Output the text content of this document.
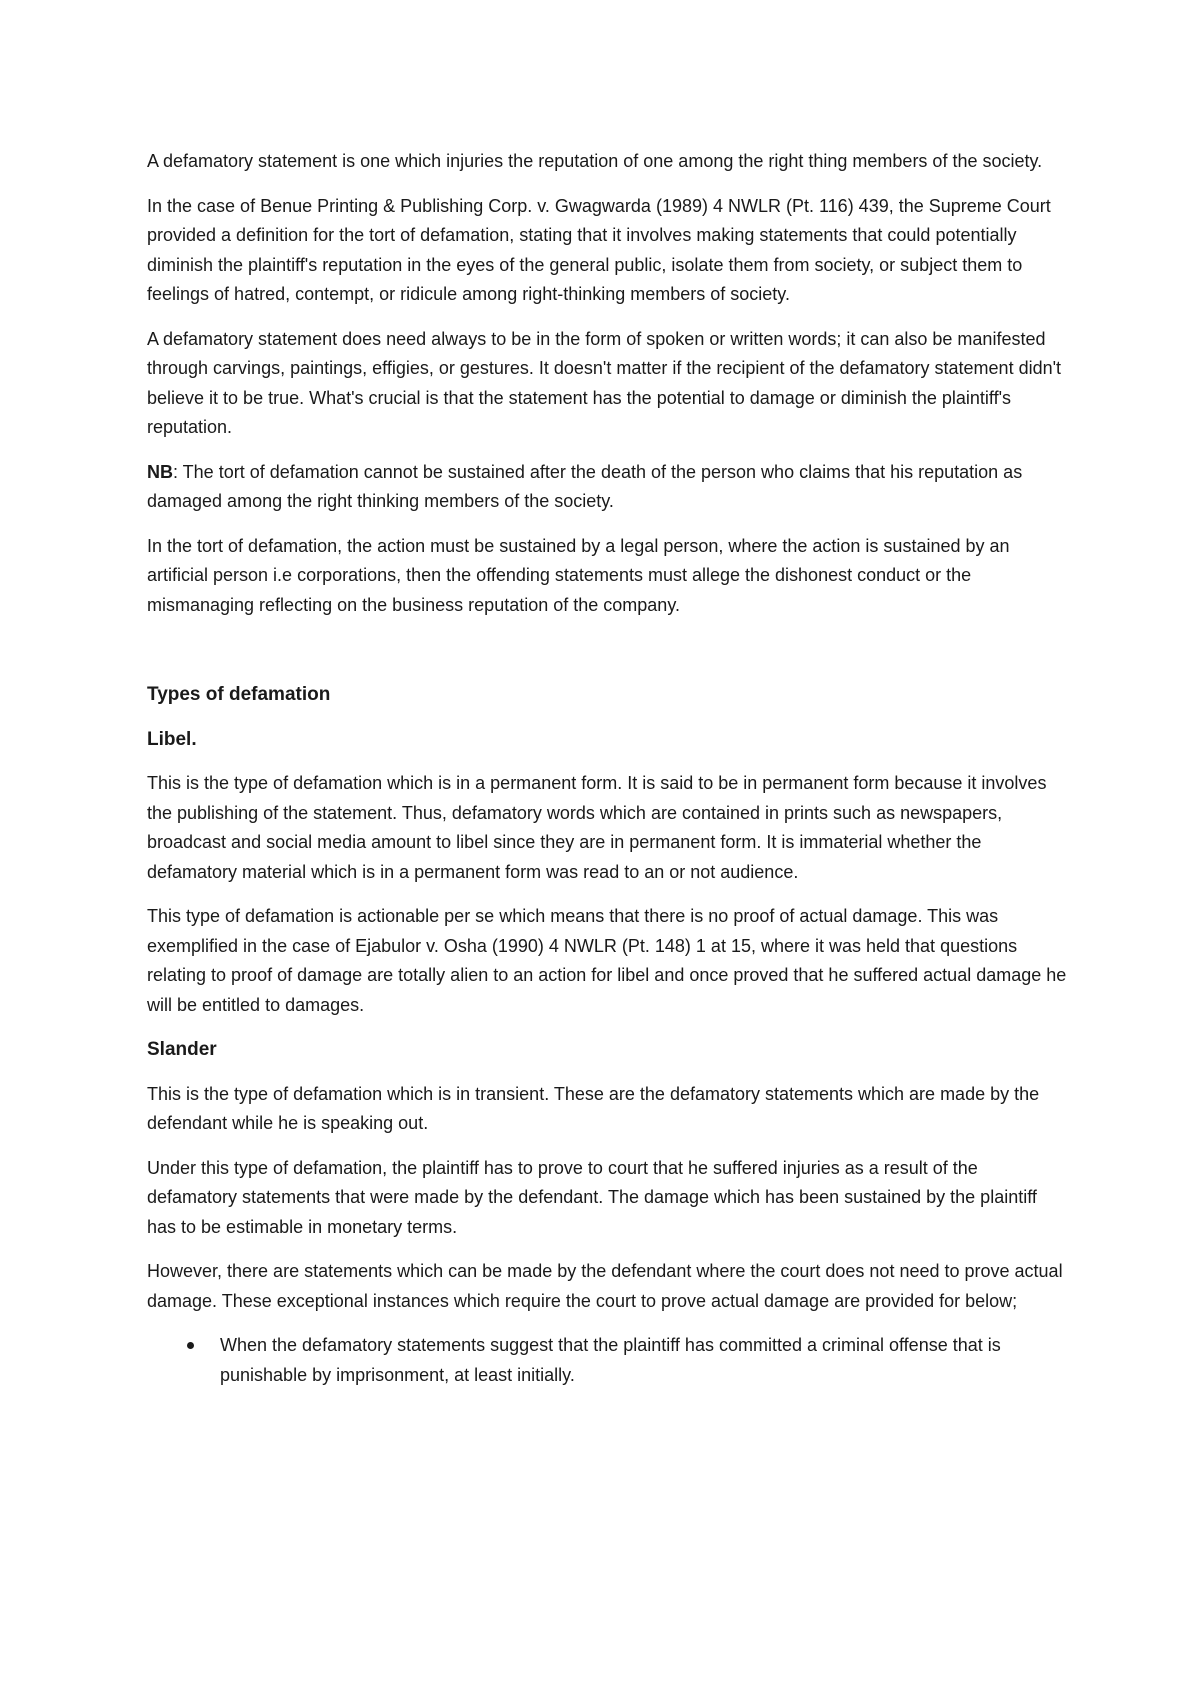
A defamatory statement is one which injuries the reputation of one among the right thing members of the society.

In the case of Benue Printing & Publishing Corp. v. Gwagwarda (1989) 4 NWLR (Pt. 116) 439, the Supreme Court provided a definition for the tort of defamation, stating that it involves making statements that could potentially diminish the plaintiff's reputation in the eyes of the general public, isolate them from society, or subject them to feelings of hatred, contempt, or ridicule among right-thinking members of society.

A defamatory statement does need always to be in the form of spoken or written words; it can also be manifested through carvings, paintings, effigies, or gestures. It doesn't matter if the recipient of the defamatory statement didn't believe it to be true. What's crucial is that the statement has the potential to damage or diminish the plaintiff's reputation.

NB: The tort of defamation cannot be sustained after the death of the person who claims that his reputation as damaged among the right thinking members of the society.

In the tort of defamation, the action must be sustained by a legal person, where the action is sustained by an artificial person i.e corporations, then the offending statements must allege the dishonest conduct or the mismanaging reflecting on the business reputation of the company.

Types of defamation
Libel.

This is the type of defamation which is in a permanent form. It is said to be in permanent form because it involves the publishing of the statement. Thus, defamatory words which are contained in prints such as newspapers, broadcast and social media amount to libel since they are in permanent form. It is immaterial whether the defamatory material which is in a permanent form was read to an or not audience.

This type of defamation is actionable per se which means that there is no proof of actual damage. This was exemplified in the case of Ejabulor v. Osha (1990) 4 NWLR (Pt. 148) 1 at 15, where it was held that questions relating to proof of damage are totally alien to an action for libel and once proved that he suffered actual damage he will be entitled to damages.

Slander

This is the type of defamation which is in transient. These are the defamatory statements which are made by the defendant while he is speaking out.

Under this type of defamation, the plaintiff has to prove to court that he suffered injuries as a result of the defamatory statements that were made by the defendant. The damage which has been sustained by the plaintiff has to be estimable in monetary terms.

However, there are statements which can be made by the defendant where the court does not need to prove actual damage. These exceptional instances which require the court to prove actual damage are provided for below;

When the defamatory statements suggest that the plaintiff has committed a criminal offense that is punishable by imprisonment, at least initially.
